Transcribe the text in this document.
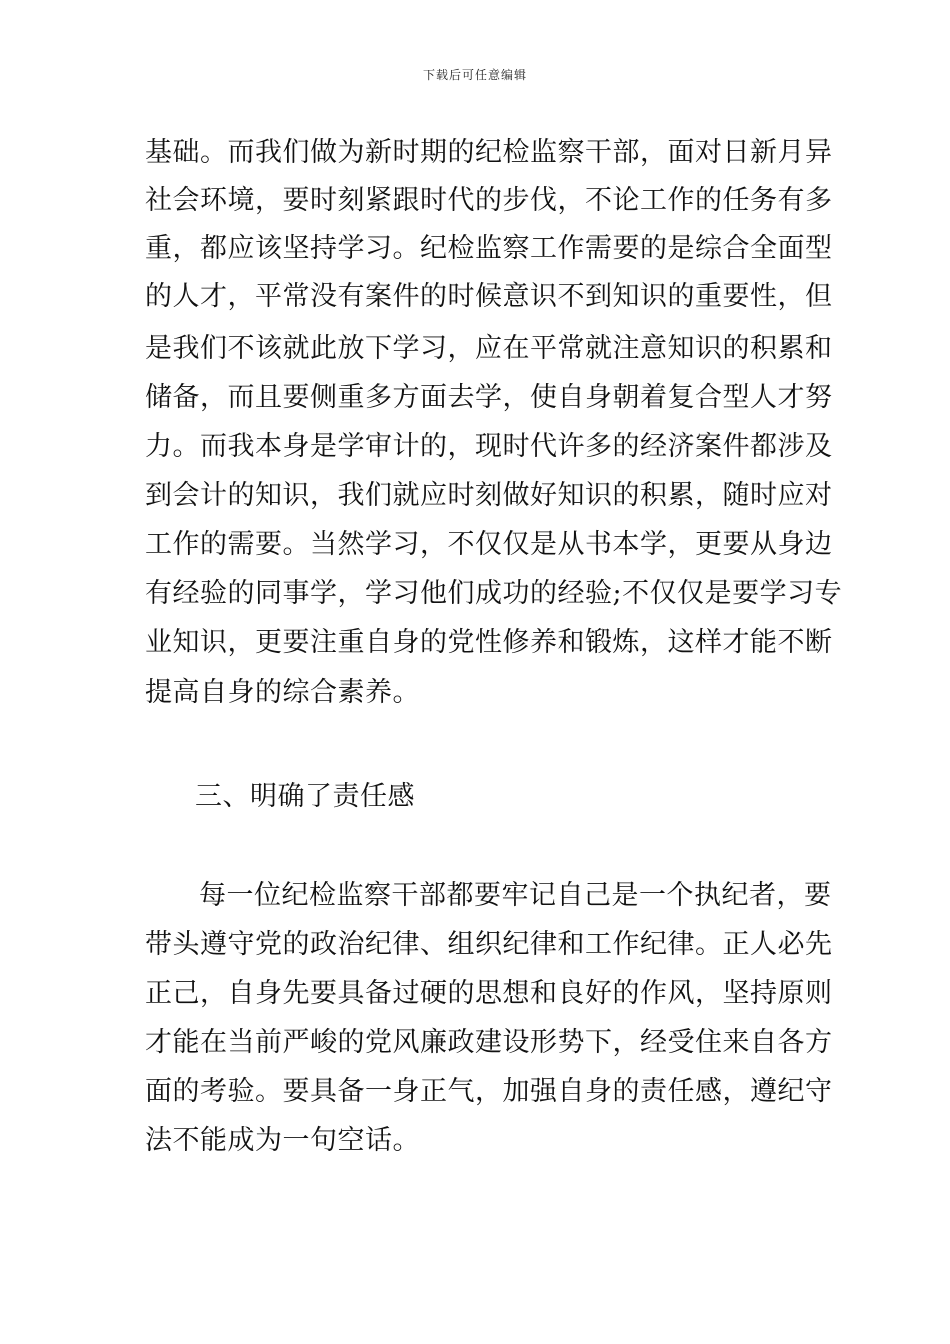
下载后可任意编辑
基础。而我们做为新时期的纪检监察干部，面对日新月异
社会环境，要时刻紧跟时代的步伐，不论工作的任务有多
重，都应该坚持学习。纪检监察工作需要的是综合全面型
的人才，平常没有案件的时候意识不到知识的重要性，但
是我们不该就此放下学习，应在平常就注意知识的积累和
储备，而且要侧重多方面去学，使自身朝着复合型人才努
力。而我本身是学审计的，现时代许多的经济案件都涉及
到会计的知识，我们就应时刻做好知识的积累，随时应对
工作的需要。当然学习，不仅仅是从书本学，更要从身边
有经验的同事学，学习他们成功的经验;不仅仅是要学习专
业知识，更要注重自身的党性修养和锻炼，这样才能不断
提高自身的综合素养。
三、明确了责任感
每一位纪检监察干部都要牢记自己是一个执纪者，要
带头遵守党的政治纪律、组织纪律和工作纪律。正人必先
正己，自身先要具备过硬的思想和良好的作风，坚持原则
才能在当前严峻的党风廉政建设形势下，经受住来自各方
面的考验。要具备一身正气，加强自身的责任感，遵纪守
法不能成为一句空话。
